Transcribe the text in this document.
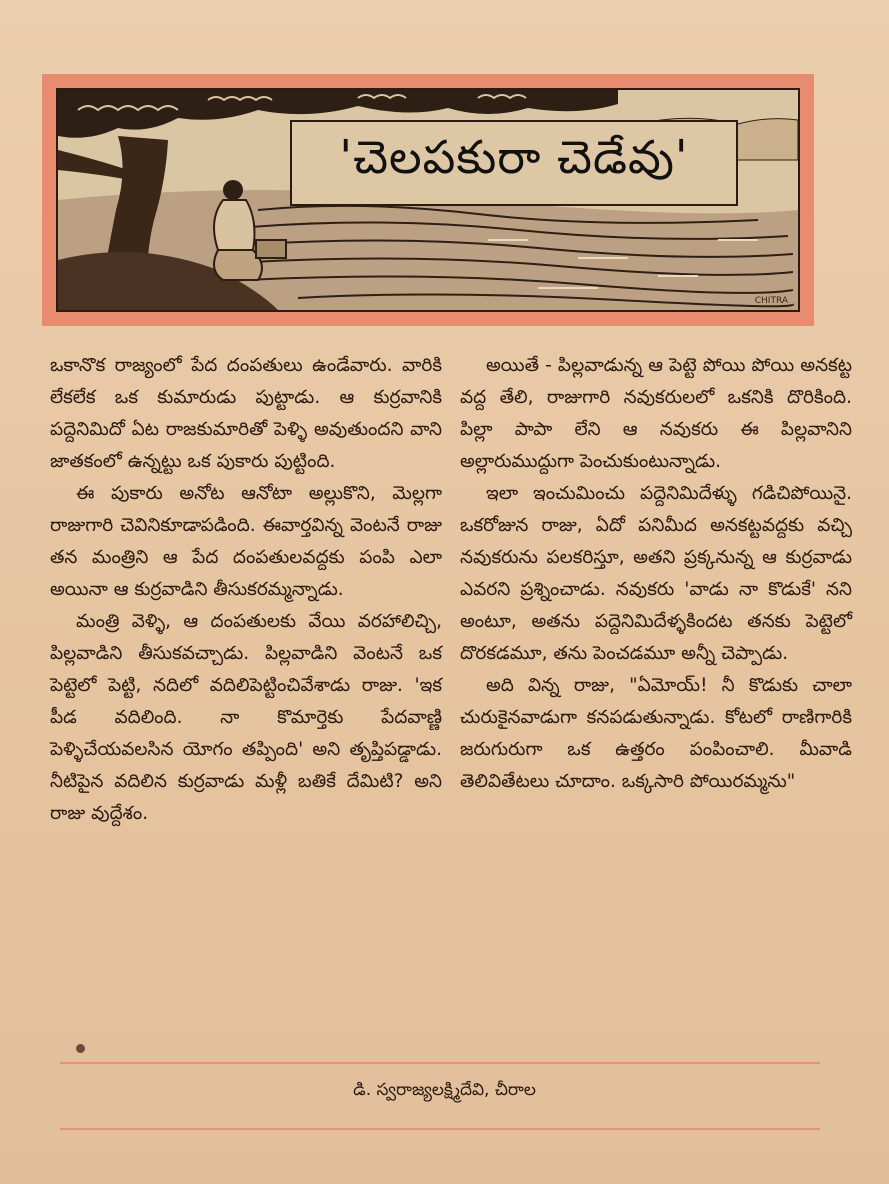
'చెలపకురా చెడేవు'
CHITRA

ఒకానొక రాజ్యంలో పేద దంపతులు ఉండేవారు. వారికి లేకలేక ఒక కుమారుడు పుట్టాడు. ఆ కుర్రవానికి పద్దెనిమిదో ఏట రాజకుమారితో పెళ్ళి అవుతుందని వాని జాతకంలో ఉన్నట్టు ఒక పుకారు పుట్టింది.

ఈ పుకారు అనోట ఆనోటా అల్లుకొని, మెల్లగా రాజుగారి చెవినికూడాపడింది. ఈవార్తవిన్న వెంటనే రాజు తన మంత్రిని ఆ పేద దంపతులవద్దకు పంపి ఎలా అయినా ఆ కుర్రవాడిని తీసుకరమ్మన్నాడు.

మంత్రి వెళ్ళి, ఆ దంపతులకు వేయి వరహాలిచ్చి, పిల్లవాడిని తీసుకవచ్చాడు. పిల్లవాడిని వెంటనే ఒక పెట్టెలో పెట్టి, నదిలో వదిలిపెట్టించివేశాడు రాజు. 'ఇక పీడ వదిలింది. నా కొమార్తెకు పేదవాణ్ణి పెళ్ళిచేయవలసిన యోగం తప్పింది' అని తృప్తిపడ్డాడు. నీటిపైన వదిలిన కుర్రవాడు మళ్లీ బతికే దేమిటి? అని రాజు వుద్దేశం.

అయితే - పిల్లవాడున్న ఆ పెట్టె పోయి పోయి అనకట్ట వద్ద తేలి, రాజుగారి నవుకరులలో ఒకనికి దొరికింది. పిల్లా పాపా లేని ఆ నవుకరు ఈ పిల్లవానిని అల్లారుముద్దుగా పెంచుకుంటున్నాడు.

ఇలా ఇంచుమించు పద్దెనిమిదేళ్ళు గడిచిపోయినై. ఒకరోజున రాజు, ఏదో పనిమీద అనకట్టవద్దకు వచ్చి నవుకరును పలకరిస్తూ, అతని ప్రక్కనున్న ఆ కుర్రవాడు ఎవరని ప్రశ్నించాడు. నవుకరు 'వాడు నా కొడుకే' నని అంటూ, అతను పద్దెనిమిదేళ్ళకిందట తనకు పెట్టెలో దొరకడమూ, తను పెంచడమూ అన్నీ చెప్పాడు.

అది విన్న రాజు, "ఏమోయ్! నీ కొడుకు చాలా చురుకైనవాడుగా కనపడుతున్నాడు. కోటలో రాణిగారికి జరుగురుగా ఒక ఉత్తరం పంపించాలి. మీవాడి తెలివితేటలు చూదాం. ఒక్కసారి పోయిరమ్మను"

డి. స్వరాజ్యలక్ష్మిదేవి, చీరాల
